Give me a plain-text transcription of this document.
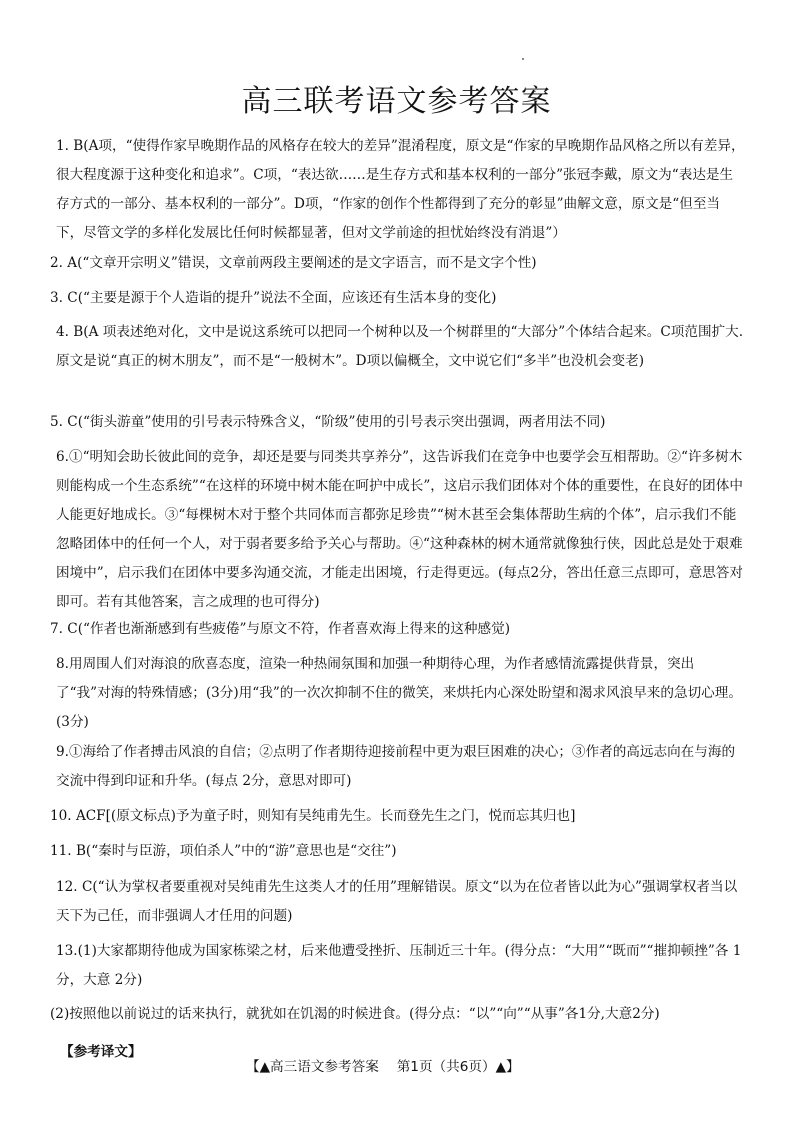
高三联考语文参考答案
1. B(A项，“使得作家早晚期作品的风格存在较大的差异”混淆程度，原文是“作家的早晚期作品风格之所以有差异，很大程度源于这种变化和追求”。C项，“表达欲……是生存方式和基本权利的一部分”张冠李戴，原文为“表达是生存方式的一部分、基本权利的一部分”。D项，“作家的创作个性都得到了充分的彰显”曲解文意，原文是“但至当下，尽管文学的多样化发展比任何时候都显著，但对文学前途的担忧始终没有消退”）
2. A(“文章开宗明义”错误，文章前两段主要阐述的是文字语言，而不是文字个性)
3. C(“主要是源于个人造诣的提升”说法不全面，应该还有生活本身的变化)
4. B(A 项表述绝对化，文中是说这系统可以把同一个树种以及一个树群里的“大部分”个体结合起来。C项范围扩大.原文是说“真正的树木朋友”，而不是“一般树木”。D项以偏概全，文中说它们“多半”也没机会变老)
5. C(“街头游童”使用的引号表示特殊含义，“阶级”使用的引号表示突出强调，两者用法不同)
6.①“明知会助长彼此间的竞争，却还是要与同类共享养分”，这告诉我们在竞争中也要学会互相帮助。②“许多树木则能构成一个生态系统”“在这样的环境中树木能在呵护中成长”，这启示我们团体对个体的重要性，在良好的团体中人能更好地成长。③“每棵树木对于整个共同体而言都弥足珍贵”“树木甚至会集体帮助生病的个体”，启示我们不能忽略团体中的任何一个人，对于弱者要多给予关心与帮助。④“这种森林的树木通常就像独行侠，因此总是处于艰难困境中”，启示我们在团体中要多沟通交流，才能走出困境，行走得更远。(每点2分，答出任意三点即可，意思答对即可。若有其他答案，言之成理的也可得分)
7. C(“作者也渐渐感到有些疲倦”与原文不符，作者喜欢海上得来的这种感觉)
8.用周围人们对海浪的欣喜态度，渲染一种热闹氛围和加强一种期待心理，为作者感情流露提供背景，突出了“我”对海的特殊情感；(3分)用“我”的一次次抑制不住的微笑，来烘托内心深处盼望和渴求风浪早来的急切心理。(3分)
9.①海给了作者搏击风浪的自信；②点明了作者期待迎接前程中更为艰巨困难的决心；③作者的高远志向在与海的交流中得到印证和升华。(每点 2分，意思对即可)
10. ACF[(原文标点)予为童子时，则知有吴纯甫先生。长而登先生之门，悦而忘其归也]
11. B(“秦时与臣游，项伯杀人”中的“游”意思也是“交往”)
12. C(“认为掌权者要重视对吴纯甫先生这类人才的任用”理解错误。原文“以为在位者皆以此为心”强调掌权者当以天下为己任，而非强调人才任用的问题)
13.(1)大家都期待他成为国家栋梁之材，后来他遭受挫折、压制近三十年。(得分点：“大用”“既而”“摧抑顿挫”各 1分，大意 2分)
(2)按照他以前说过的话来执行，就犹如在饥渴的时候进食。(得分点：“以”“向”“从事”各1分,大意2分)
【参考译文】
【▲高三语文参考答案　 第1页（共6页）▲】
